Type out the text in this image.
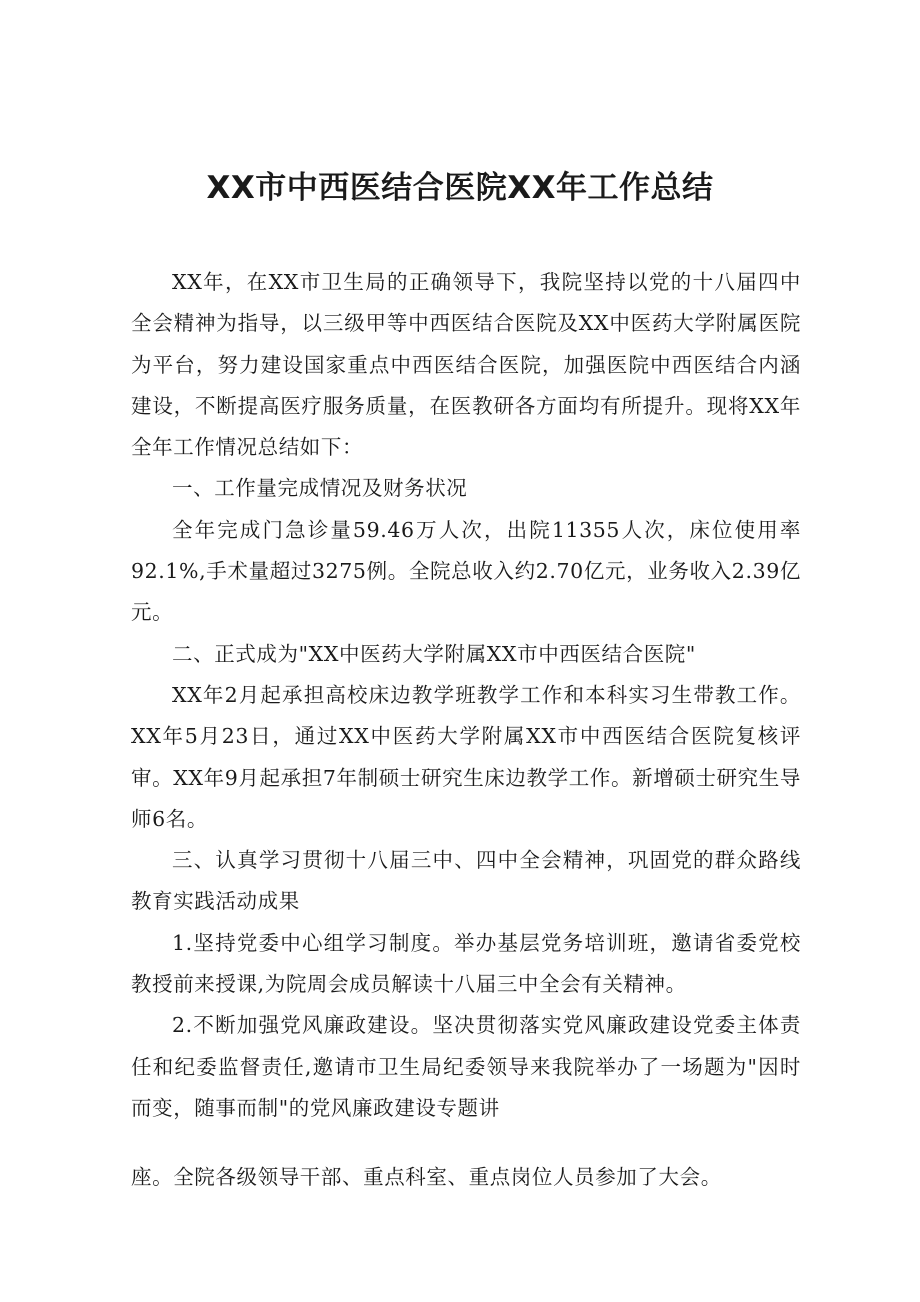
XX市中西医结合医院XX年工作总结

XX年，在XX市卫生局的正确领导下，我院坚持以党的十八届四中全会精神为指导，以三级甲等中西医结合医院及XX中医药大学附属医院为平台，努力建设国家重点中西医结合医院，加强医院中西医结合内涵建设，不断提高医疗服务质量，在医教研各方面均有所提升。现将XX年全年工作情况总结如下：

一、工作量完成情况及财务状况

全年完成门急诊量59.46万人次，出院11355人次，床位使用率92.1%,手术量超过3275例。全院总收入约2.70亿元，业务收入2.39亿元。

二、正式成为"XX中医药大学附属XX市中西医结合医院"

XX年2月起承担高校床边教学班教学工作和本科实习生带教工作。XX年5月23日，通过XX中医药大学附属XX市中西医结合医院复核评审。XX年9月起承担7年制硕士研究生床边教学工作。新增硕士研究生导师6名。

三、认真学习贯彻十八届三中、四中全会精神，巩固党的群众路线教育实践活动成果

1.坚持党委中心组学习制度。举办基层党务培训班，邀请省委党校教授前来授课,为院周会成员解读十八届三中全会有关精神。

2.不断加强党风廉政建设。坚决贯彻落实党风廉政建设党委主体责任和纪委监督责任,邀请市卫生局纪委领导来我院举办了一场题为"因时而变，随事而制"的党风廉政建设专题讲

座。全院各级领导干部、重点科室、重点岗位人员参加了大会。
